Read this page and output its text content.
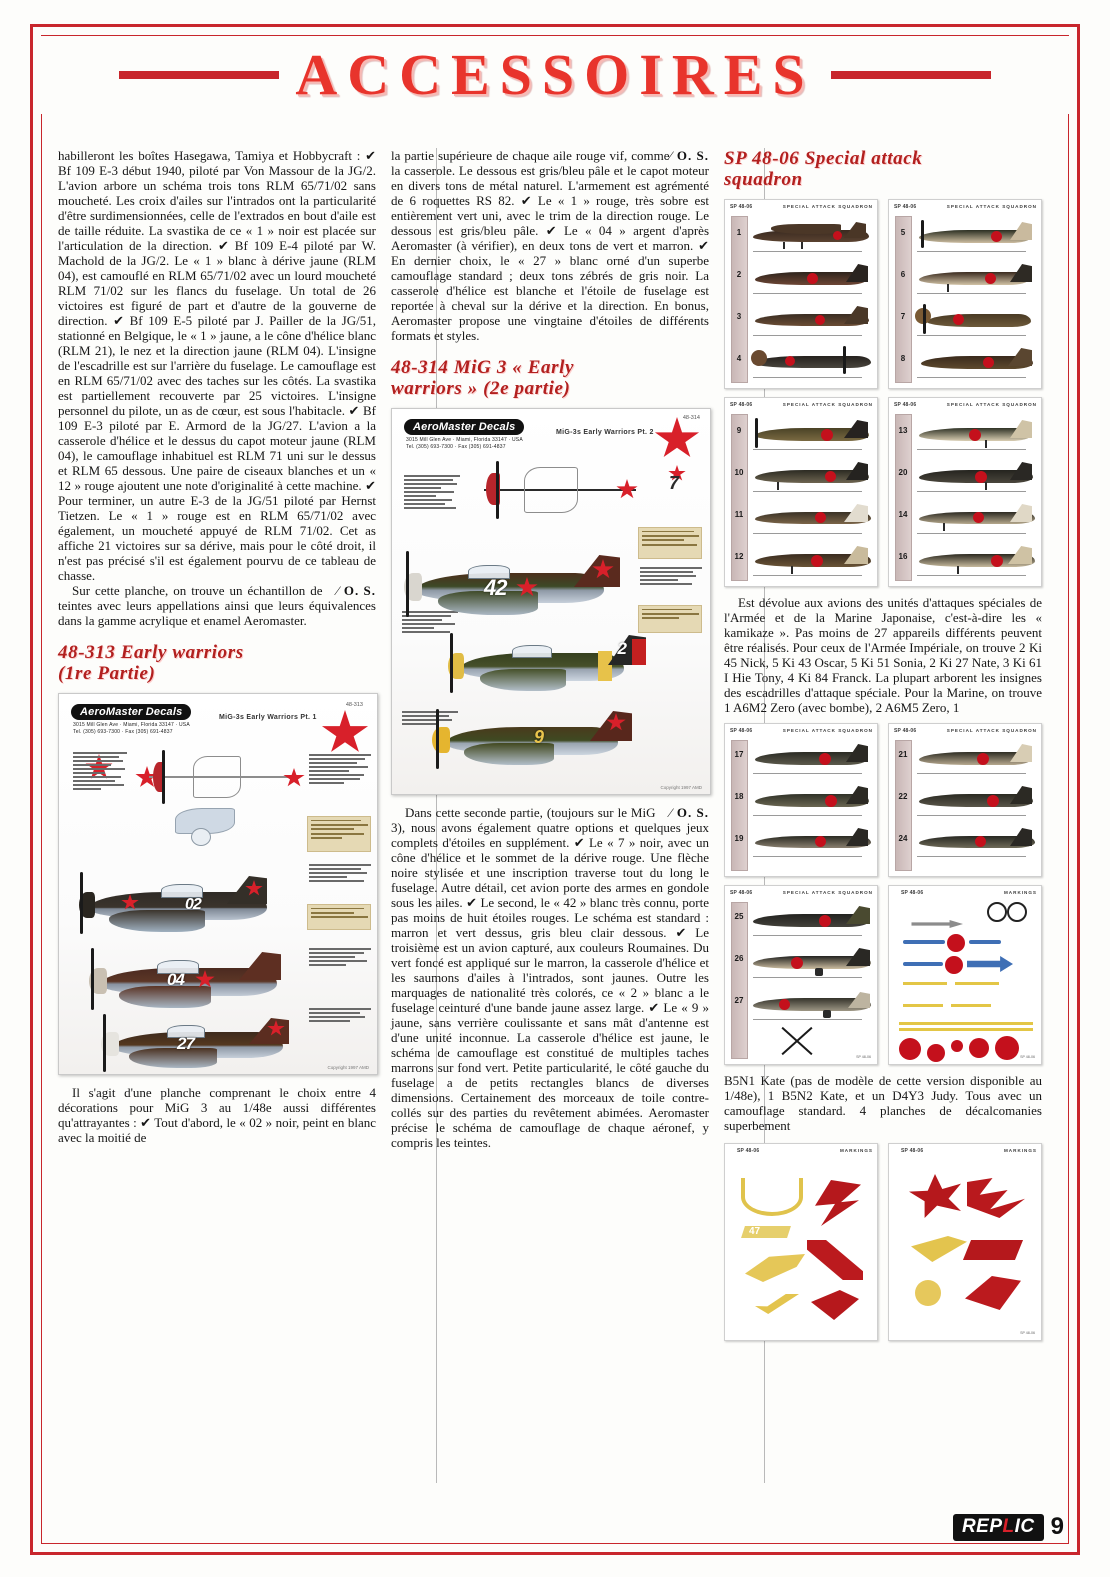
ACCESSOIRES

habilleront les boîtes Hasegawa, Tamiya et Hobbycraft : ✔ Bf 109 E-3 début 1940, piloté par Von Massour de la JG/2. L'avion arbore un schéma trois tons RLM 65/71/02 sans moucheté. Les croix d'ailes sur l'intrados ont la particularité d'être surdimensionnées, celle de l'extrados en bout d'aile est de taille réduite. La svastika de ce « 1 » noir est placée sur l'articulation de la direction. ✔ Bf 109 E-4 piloté par W. Machold de la JG/2. Le « 1 » blanc à dérive jaune (RLM 04), est camouflé en RLM 65/71/02 avec un lourd moucheté RLM 71/02 sur les flancs du fuselage. Un total de 26 victoires est figuré de part et d'autre de la gouverne de direction. ✔ Bf 109 E-5 piloté par J. Pailler de la JG/51, stationné en Belgique, le « 1 » jaune, a le cône d'hélice blanc (RLM 21), le nez et la direction jaune (RLM 04). L'insigne de l'escadrille est sur l'arrière du fuselage. Le camouflage est en RLM 65/71/02 avec des taches sur les côtés. La svastika est partiellement recouverte par 25 victoires. L'insigne personnel du pilote, un as de cœur, est sous l'habitacle. ✔ Bf 109 E-3 piloté par E. Armord de la JG/27. L'avion a la casserole d'hélice et le dessus du capot moteur jaune (RLM 04), le camouflage inhabituel est RLM 71 uni sur le dessus et RLM 65 dessous. Une paire de ciseaux blanches et un « 12 » rouge ajoutent une note d'originalité à cette machine. ✔ Pour terminer, un autre E-3 de la JG/51 piloté par Hernst Tietzen. Le « 1 » rouge est en RLM 65/71/02 avec également, un moucheté appuyé de RLM 71/02. Cet as affiche 21 victoires sur sa dérive, mais pour le côté droit, il n'est pas précisé s'il est également pourvu de ce tableau de chasse.

∕ O. S.
Sur cette planche, on trouve un échantillon de teintes avec leurs appellations ainsi que leurs équivalences dans la gamme acrylique et enamel Aeromaster.

48-313 Early warriors
(1re Partie)
AeroMaster Decals
3015 Mill Glen Ave · Miami, Florida 33147 · USA
Tel. (305) 693-7300 · Fax (305) 691-4837
MiG-3s Early Warriors Pt. 1
48-313
Copyright 1997 AMD
02
04
27

Il s'agit d'une planche comprenant le choix entre 4 décorations pour MiG 3 au 1/48e aussi différentes qu'attrayantes : ✔ Tout d'abord, le « 02 » noir, peint en blanc avec la moitié de

∕ O. S.
la partie supérieure de chaque aile rouge vif, comme la casserole. Le dessous est gris/bleu pâle et le capot moteur en divers tons de métal naturel. L'armement est agrémenté de 6 roquettes RS 82. ✔ Le « 1 » rouge, très sobre est entièrement vert uni, avec le trim de la direction rouge. Le dessous est gris/bleu pâle. ✔ Le « 04 » argent d'après Aeromaster (à vérifier), en deux tons de vert et marron. ✔ En dernier choix, le « 27 » blanc orné d'un superbe camouflage standard ; deux tons zébrés de gris noir. La casserole d'hélice est blanche et l'étoile de fuselage est reportée à cheval sur la dérive et la direction. En bonus, Aeromaster propose une vingtaine d'étoiles de différents formats et styles.

48-314 MiG 3 « Early
warriors » (2e partie)
AeroMaster Decals
3015 Mill Glen Ave · Miami, Florida 33147 · USA
Tel. (305) 693-7300 · Fax (305) 691-4837
MiG-3s Early Warriors Pt. 2
48-314
Copyright 1997 AMD
7
42
2
9

∕ O. S.
Dans cette seconde partie, (toujours sur le MiG 3), nous avons également quatre options et quelques jeux complets d'étoiles en supplément. ✔ Le « 7 » noir, avec un cône d'hélice et le sommet de la dérive rouge. Une flèche noire stylisée et une inscription traverse tout du long le fuselage. Autre détail, cet avion porte des armes en gondole sous les ailes. ✔ Le second, le « 42 » blanc très connu, porte pas moins de huit étoiles rouges. Le schéma est standard : marron et vert dessus, gris bleu clair dessous. ✔ Le troisième est un avion capturé, aux couleurs Roumaines. Du vert foncé est appliqué sur le marron, la casserole d'hélice et les saumons d'ailes à l'intrados, sont jaunes. Outre les marquages de nationalité très colorés, ce « 2 » blanc a le fuselage ceinturé d'une bande jaune assez large. ✔ Le « 9 » jaune, sans verrière coulissante et sans mât d'antenne est d'une unité inconnue. La casserole d'hélice est jaune, le schéma de camouflage est constitué de multiples taches marrons sur fond vert. Petite particularité, le côté gauche du fuselage a de petits rectangles blancs de diverses dimensions. Certainement des morceaux de toile contre-collés sur des parties du revêtement abimées. Aeromaster précise le schéma de camouflage de chaque aéronef, y compris les teintes.

SP 48-06 Special attack
squadron
SP 48-06	SPECIAL ATTACK SQUADRON
1
2
3
4
SP 48-06	SPECIAL ATTACK SQUADRON
5
6
7
8
SP 48-06	SPECIAL ATTACK SQUADRON
9
10
11
12
SP 48-06	SPECIAL ATTACK SQUADRON
13
20
14
16

Est dévolue aux avions des unités d'attaques spéciales de l'Armée et de la Marine Japonaise, c'est-à-dire les « kamikaze ». Pas moins de 27 appareils différents peuvent être réalisés. Pour ceux de l'Armée Impériale, on trouve 2 Ki 45 Nick, 5 Ki 43 Oscar, 5 Ki 51 Sonia, 2 Ki 27 Nate, 3 Ki 61 I Hie Tony, 4 Ki 84 Franck. La plupart arborent les insignes des escadrilles d'attaque spéciale. Pour la Marine, on trouve 1 A6M2 Zero (avec bombe), 2 A6M5 Zero, 1

SP 48-06	SPECIAL ATTACK SQUADRON
17
18
19
SP 48-06	SPECIAL ATTACK SQUADRON
21
22
24
SP 48-06	SPECIAL ATTACK SQUADRON
25
26
27
SP 48-06
SP 48-06	MARKINGS
SP 48-06

B5N1 Kate (pas de modèle de cette version disponible au 1/48e), 1 B5N2 Kate, et un D4Y3 Judy. Tous avec un camouflage standard. 4 planches de décalcomanies superbement

SP 48-06	MARKINGS
47
SP 48-06	MARKINGS
SP 48-06
REPLIC 9
